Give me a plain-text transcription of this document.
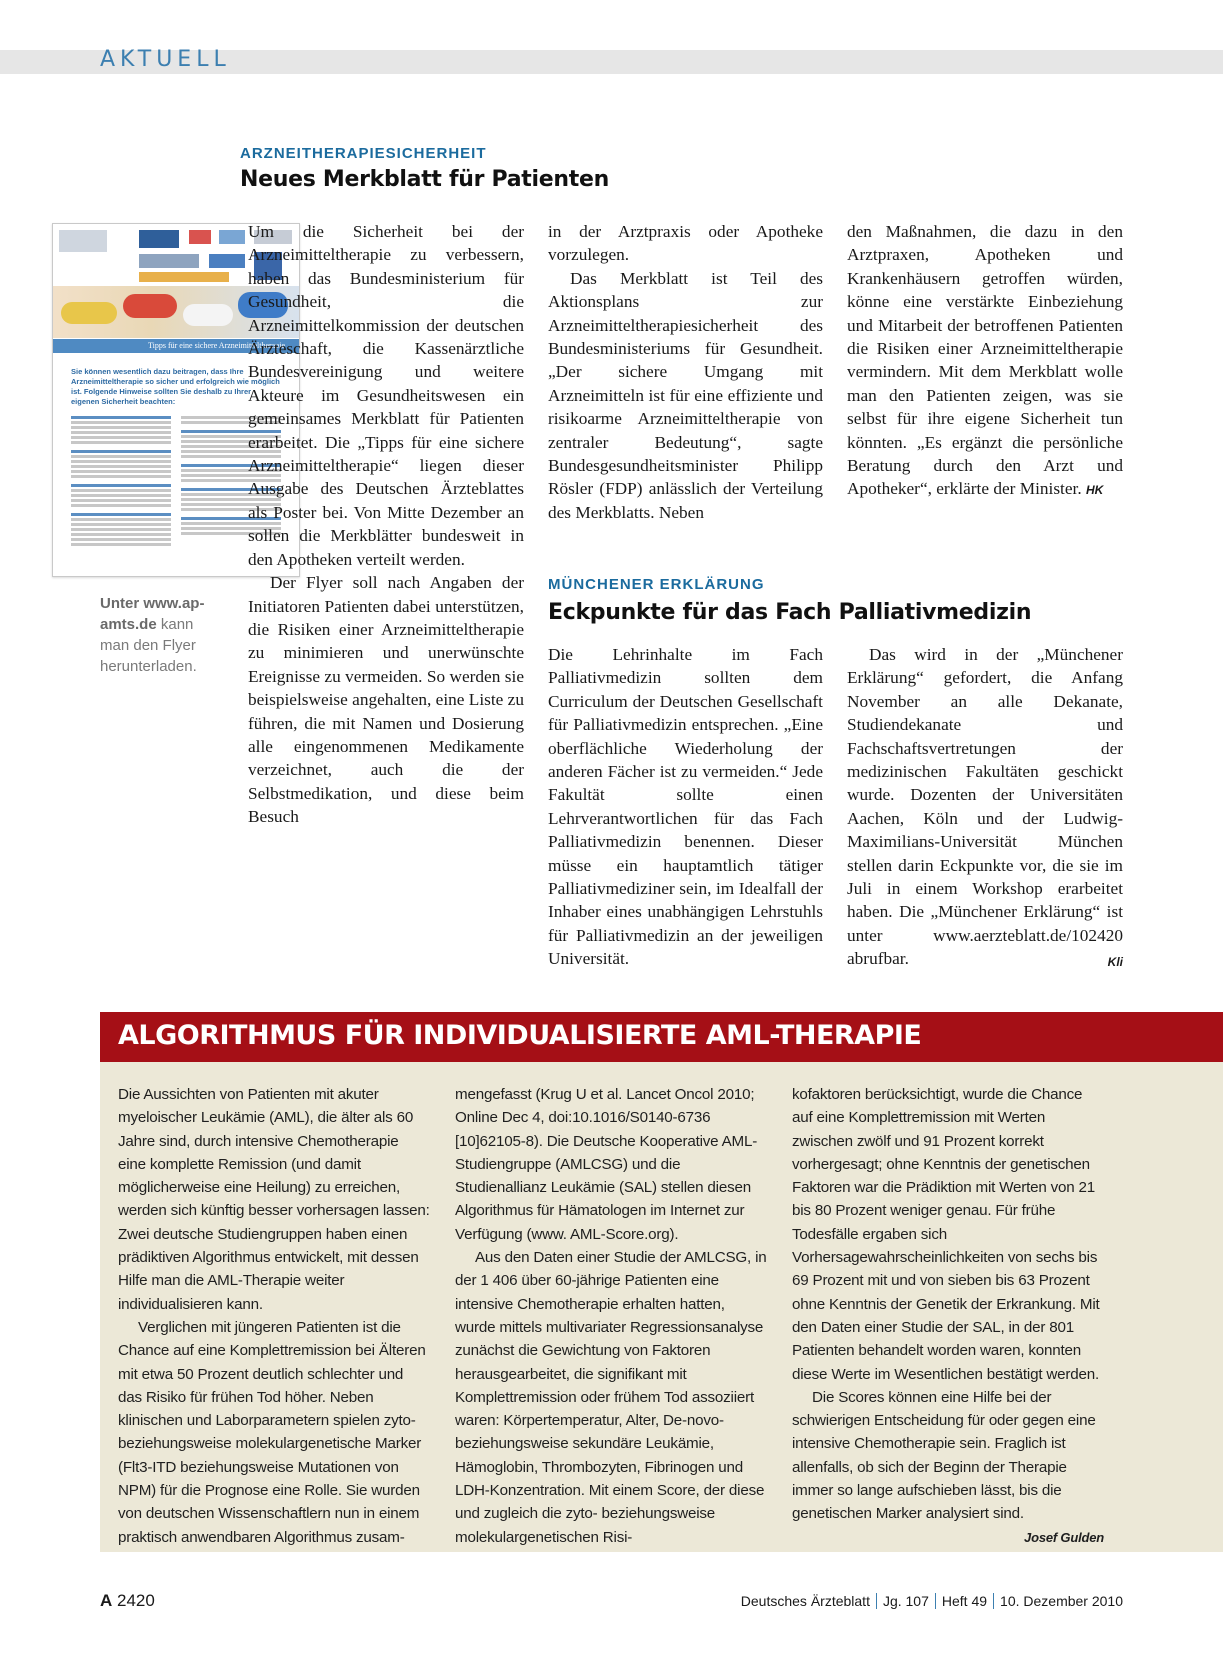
AKTUELL
ARZNEITHERAPIESICHERHEIT
Neues Merkblatt für Patienten
Tipps für eine sichere Arzneimitteltherapie
Sie können wesentlich dazu beitragen, dass Ihre Arzneimitteltherapie so sicher und erfolgreich wie möglich ist. Folgende Hinweise sollten Sie deshalb zu Ihrer eigenen Sicherheit beachten:
Unter www.ap-amts.de kann man den Flyer herunterladen.

Um die Sicherheit bei der Arzneimitteltherapie zu verbessern, haben das Bundesministerium für Gesundheit, die Arzneimittelkommission der deutschen Ärzteschaft, die Kassenärztliche Bundesvereinigung und weitere Akteure im Gesundheitswesen ein gemeinsames Merkblatt für Patienten erarbeitet. Die „Tipps für eine sichere Arzneimitteltherapie“ liegen dieser Ausgabe des Deutschen Ärzteblattes als Poster bei. Von Mitte Dezember an sollen die Merkblätter bundesweit in den Apotheken verteilt werden.

Der Flyer soll nach Angaben der Initiatoren Patienten dabei unterstützen, die Risiken einer Arzneimitteltherapie zu minimieren und unerwünschte Ereignisse zu vermeiden. So werden sie beispielsweise angehalten, eine Liste zu führen, die mit Namen und Dosierung alle eingenommenen Medikamente verzeichnet, auch die der Selbstmedikation, und diese beim Besuch

in der Arztpraxis oder Apotheke vorzulegen.

Das Merkblatt ist Teil des Aktionsplans zur Arzneimitteltherapiesicherheit des Bundesministeriums für Gesundheit. „Der sichere Umgang mit Arzneimitteln ist für eine effiziente und risikoarme Arzneimitteltherapie von zentraler Bedeutung“, sagte Bundesgesundheitsminister Philipp Rösler (FDP) anlässlich der Verteilung des Merkblatts. Neben

den Maßnahmen, die dazu in den Arztpraxen, Apotheken und Krankenhäusern getroffen würden, könne eine verstärkte Einbeziehung und Mitarbeit der betroffenen Patienten die Risiken einer Arzneimitteltherapie vermindern. Mit dem Merkblatt wolle man den Patienten zeigen, was sie selbst für ihre eigene Sicherheit tun könnten. „Es ergänzt die persönliche Beratung durch den Arzt und Apotheker“, erklärte der Minister. HK

MÜNCHENER ERKLÄRUNG
Eckpunkte für das Fach Palliativmedizin

Die Lehrinhalte im Fach Palliativmedizin sollten dem Curriculum der Deutschen Gesellschaft für Palliativmedizin entsprechen. „Eine oberflächliche Wiederholung der anderen Fächer ist zu vermeiden.“ Jede Fakultät sollte einen Lehrverantwortlichen für das Fach Palliativmedizin benennen. Dieser müsse ein hauptamtlich tätiger Palliativmediziner sein, im Idealfall der Inhaber eines unabhängigen Lehrstuhls für Palliativmedizin an der jeweiligen Universität.

Das wird in der „Münchener Erklärung“ gefordert, die Anfang November an alle Dekanate, Studiendekanate und Fachschaftsvertretungen der medizinischen Fakultäten geschickt wurde. Dozenten der Universitäten Aachen, Köln und der Ludwig-Maximilians-Universität München stellen darin Eckpunkte vor, die sie im Juli in einem Workshop erarbeitet haben. Die „Münchener Erklärung“ ist unter www.aerzteblatt.de/102420 abrufbar.	Kli

ALGORITHMUS FÜR INDIVIDUALISIERTE AML-THERAPIE

Die Aussichten von Patienten mit akuter myeloischer Leukämie (AML), die älter als 60 Jahre sind, durch intensive Chemotherapie eine komplette Remission (und damit möglicherweise eine Heilung) zu erreichen, werden sich künftig besser vorhersagen lassen: Zwei deutsche Studiengruppen haben einen prädiktiven Algorithmus entwickelt, mit dessen Hilfe man die AML-Therapie weiter individualisieren kann.

Verglichen mit jüngeren Patienten ist die Chance auf eine Komplettremission bei Älteren mit etwa 50 Prozent deutlich schlechter und das Risiko für frühen Tod höher. Neben klinischen und Laborparametern spielen zyto- beziehungsweise molekulargenetische Marker (Flt3-ITD beziehungsweise Mutationen von NPM) für die Prognose eine Rolle. Sie wurden von deutschen Wissenschaftlern nun in einem praktisch anwendbaren Algorithmus zusam-

mengefasst (Krug U et al. Lancet Oncol 2010; Online Dec 4, doi:10.1016/S0140-6736 [10]62105-8). Die Deutsche Kooperative AML-Studiengruppe (AMLCSG) und die Studienallianz Leukämie (SAL) stellen diesen Algorithmus für Hämatologen im Internet zur Verfügung (www. AML-Score.org).

Aus den Daten einer Studie der AMLCSG, in der 1 406 über 60-jährige Patienten eine intensive Chemotherapie erhalten hatten, wurde mittels multivariater Regressionsanalyse zunächst die Gewichtung von Faktoren herausgearbeitet, die signifikant mit Komplettremission oder frühem Tod assoziiert waren: Körpertemperatur, Alter, De-novo- beziehungsweise sekundäre Leukämie, Hämoglobin, Thrombozyten, Fibrinogen und LDH-Konzentration. Mit einem Score, der diese und zugleich die zyto- beziehungsweise molekulargenetischen Risi-

kofaktoren berücksichtigt, wurde die Chance auf eine Komplettremission mit Werten zwischen zwölf und 91 Prozent korrekt vorhergesagt; ohne Kenntnis der genetischen Faktoren war die Prädiktion mit Werten von 21 bis 80 Prozent weniger genau. Für frühe Todesfälle ergaben sich Vorhersagewahrscheinlichkeiten von sechs bis 69 Prozent mit und von sieben bis 63 Prozent ohne Kenntnis der Genetik der Erkrankung. Mit den Daten einer Studie der SAL, in der 801 Patienten behandelt worden waren, konnten diese Werte im Wesentlichen bestätigt werden.

Die Scores können eine Hilfe bei der schwierigen Entscheidung für oder gegen eine intensive Chemotherapie sein. Fraglich ist allenfalls, ob sich der Beginn der Therapie immer so lange aufschieben lässt, bis die genetischen Marker analysiert sind.
Josef Gulden

A 2420	Deutsches Ärzteblatt Jg. 107 Heft 49 10. Dezember 2010
